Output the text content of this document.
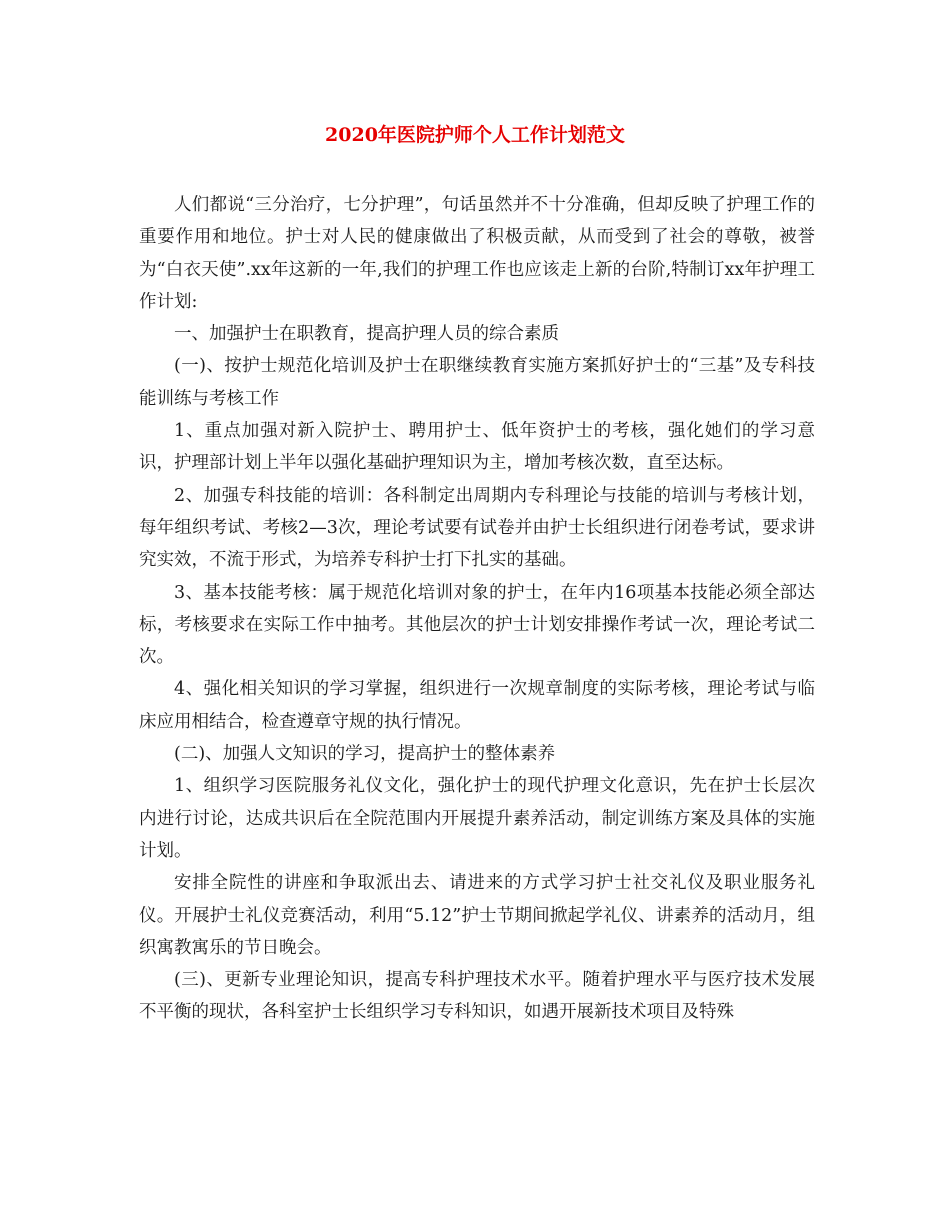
2020年医院护师个人工作计划范文

人们都说“三分治疗，七分护理”，句话虽然并不十分准确，但却反映了护理工作的重要作用和地位。护士对人民的健康做出了积极贡献，从而受到了社会的尊敬，被誉为“白衣天使”.xx年这新的一年,我们的护理工作也应该走上新的台阶,特制订xx年护理工作计划:

一、加强护士在职教育，提高护理人员的综合素质

(一)、按护士规范化培训及护士在职继续教育实施方案抓好护士的“三基”及专科技能训练与考核工作

1、重点加强对新入院护士、聘用护士、低年资护士的考核，强化她们的学习意识，护理部计划上半年以强化基础护理知识为主，增加考核次数，直至达标。

2、加强专科技能的培训：各科制定出周期内专科理论与技能的培训与考核计划，每年组织考试、考核2—3次，理论考试要有试卷并由护士长组织进行闭卷考试，要求讲究实效，不流于形式，为培养专科护士打下扎实的基础。

3、基本技能考核：属于规范化培训对象的护士，在年内16项基本技能必须全部达标，考核要求在实际工作中抽考。其他层次的护士计划安排操作考试一次，理论考试二次。

4、强化相关知识的学习掌握，组织进行一次规章制度的实际考核，理论考试与临床应用相结合，检查遵章守规的执行情况。

(二)、加强人文知识的学习，提高护士的整体素养

1、组织学习医院服务礼仪文化，强化护士的现代护理文化意识，先在护士长层次内进行讨论，达成共识后在全院范围内开展提升素养活动，制定训练方案及具体的实施计划。

安排全院性的讲座和争取派出去、请进来的方式学习护士社交礼仪及职业服务礼仪。开展护士礼仪竞赛活动，利用“5.12”护士节期间掀起学礼仪、讲素养的活动月，组织寓教寓乐的节日晚会。

(三)、更新专业理论知识，提高专科护理技术水平。随着护理水平与医疗技术发展不平衡的现状，各科室护士长组织学习专科知识，如遇开展新技术项目及特殊
